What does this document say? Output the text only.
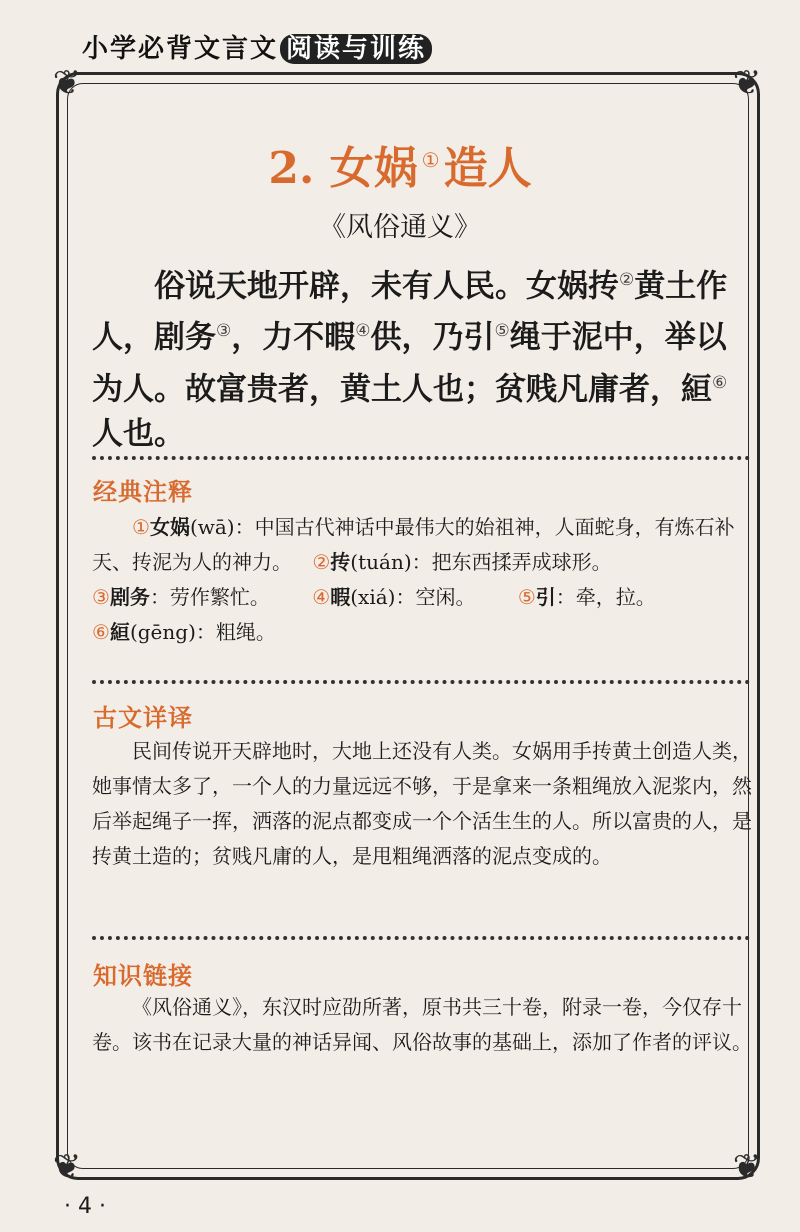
小学必背文言文 阅读与训练
❦	❦
❦	❦
2. 女娲 ①造人
《风俗通义》
俗说天地开辟，未有人民。女娲抟②黄土作人，剧务③，力不暇④供，乃引⑤绳于泥中，举以为人。故富贵者，黄土人也；贫贱凡庸者，絙⑥人也。
经典注释

①女娲(wā)：中国古代神话中最伟大的始祖神，人面蛇身，有炼石补天、抟泥为人的神力。 ②抟(tuán)：把东西揉弄成球形。

③剧务：劳作繁忙。 ④暇(xiá)：空闲。 ⑤引：牵，拉。

⑥絙(gēng)：粗绳。

古文详译

民间传说开天辟地时，大地上还没有人类。女娲用手抟黄土创造人类，她事情太多了，一个人的力量远远不够，于是拿来一条粗绳放入泥浆内，然后举起绳子一挥，洒落的泥点都变成一个个活生生的人。所以富贵的人，是抟黄土造的；贫贱凡庸的人，是甩粗绳洒落的泥点变成的。

知识链接

《风俗通义》，东汉时应劭所著，原书共三十卷，附录一卷，今仅存十卷。该书在记录大量的神话异闻、风俗故事的基础上，添加了作者的评议。

· 4 ·
